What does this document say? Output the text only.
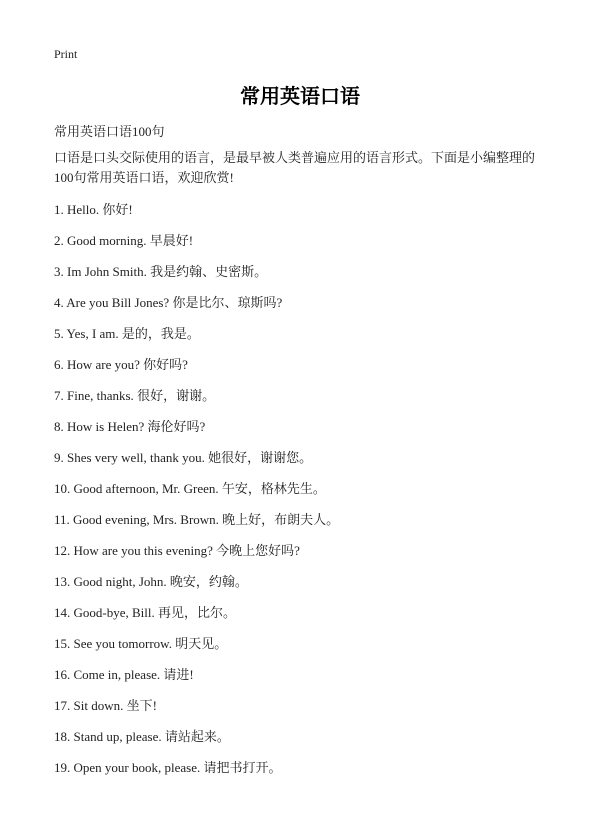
Print
常用英语口语
常用英语口语100句
口语是口头交际使用的语言，是最早被人类普遍应用的语言形式。下面是小编整理的100句常用英语口语，欢迎欣赏!
1. Hello. 你好!
2. Good morning. 早晨好!
3. Im John Smith. 我是约翰、史密斯。
4. Are you Bill Jones? 你是比尔、琼斯吗?
5. Yes, I am. 是的，我是。
6. How are you? 你好吗?
7. Fine, thanks. 很好，谢谢。
8. How is Helen? 海伦好吗?
9. Shes very well, thank you. 她很好，谢谢您。
10. Good afternoon, Mr. Green. 午安，格林先生。
11. Good evening, Mrs. Brown. 晚上好，布朗夫人。
12. How are you this evening? 今晚上您好吗?
13. Good night, John. 晚安，约翰。
14. Good-bye, Bill. 再见，比尔。
15. See you tomorrow. 明天见。
16. Come in, please. 请进!
17. Sit down. 坐下!
18. Stand up, please. 请站起来。
19. Open your book, please. 请把书打开。
